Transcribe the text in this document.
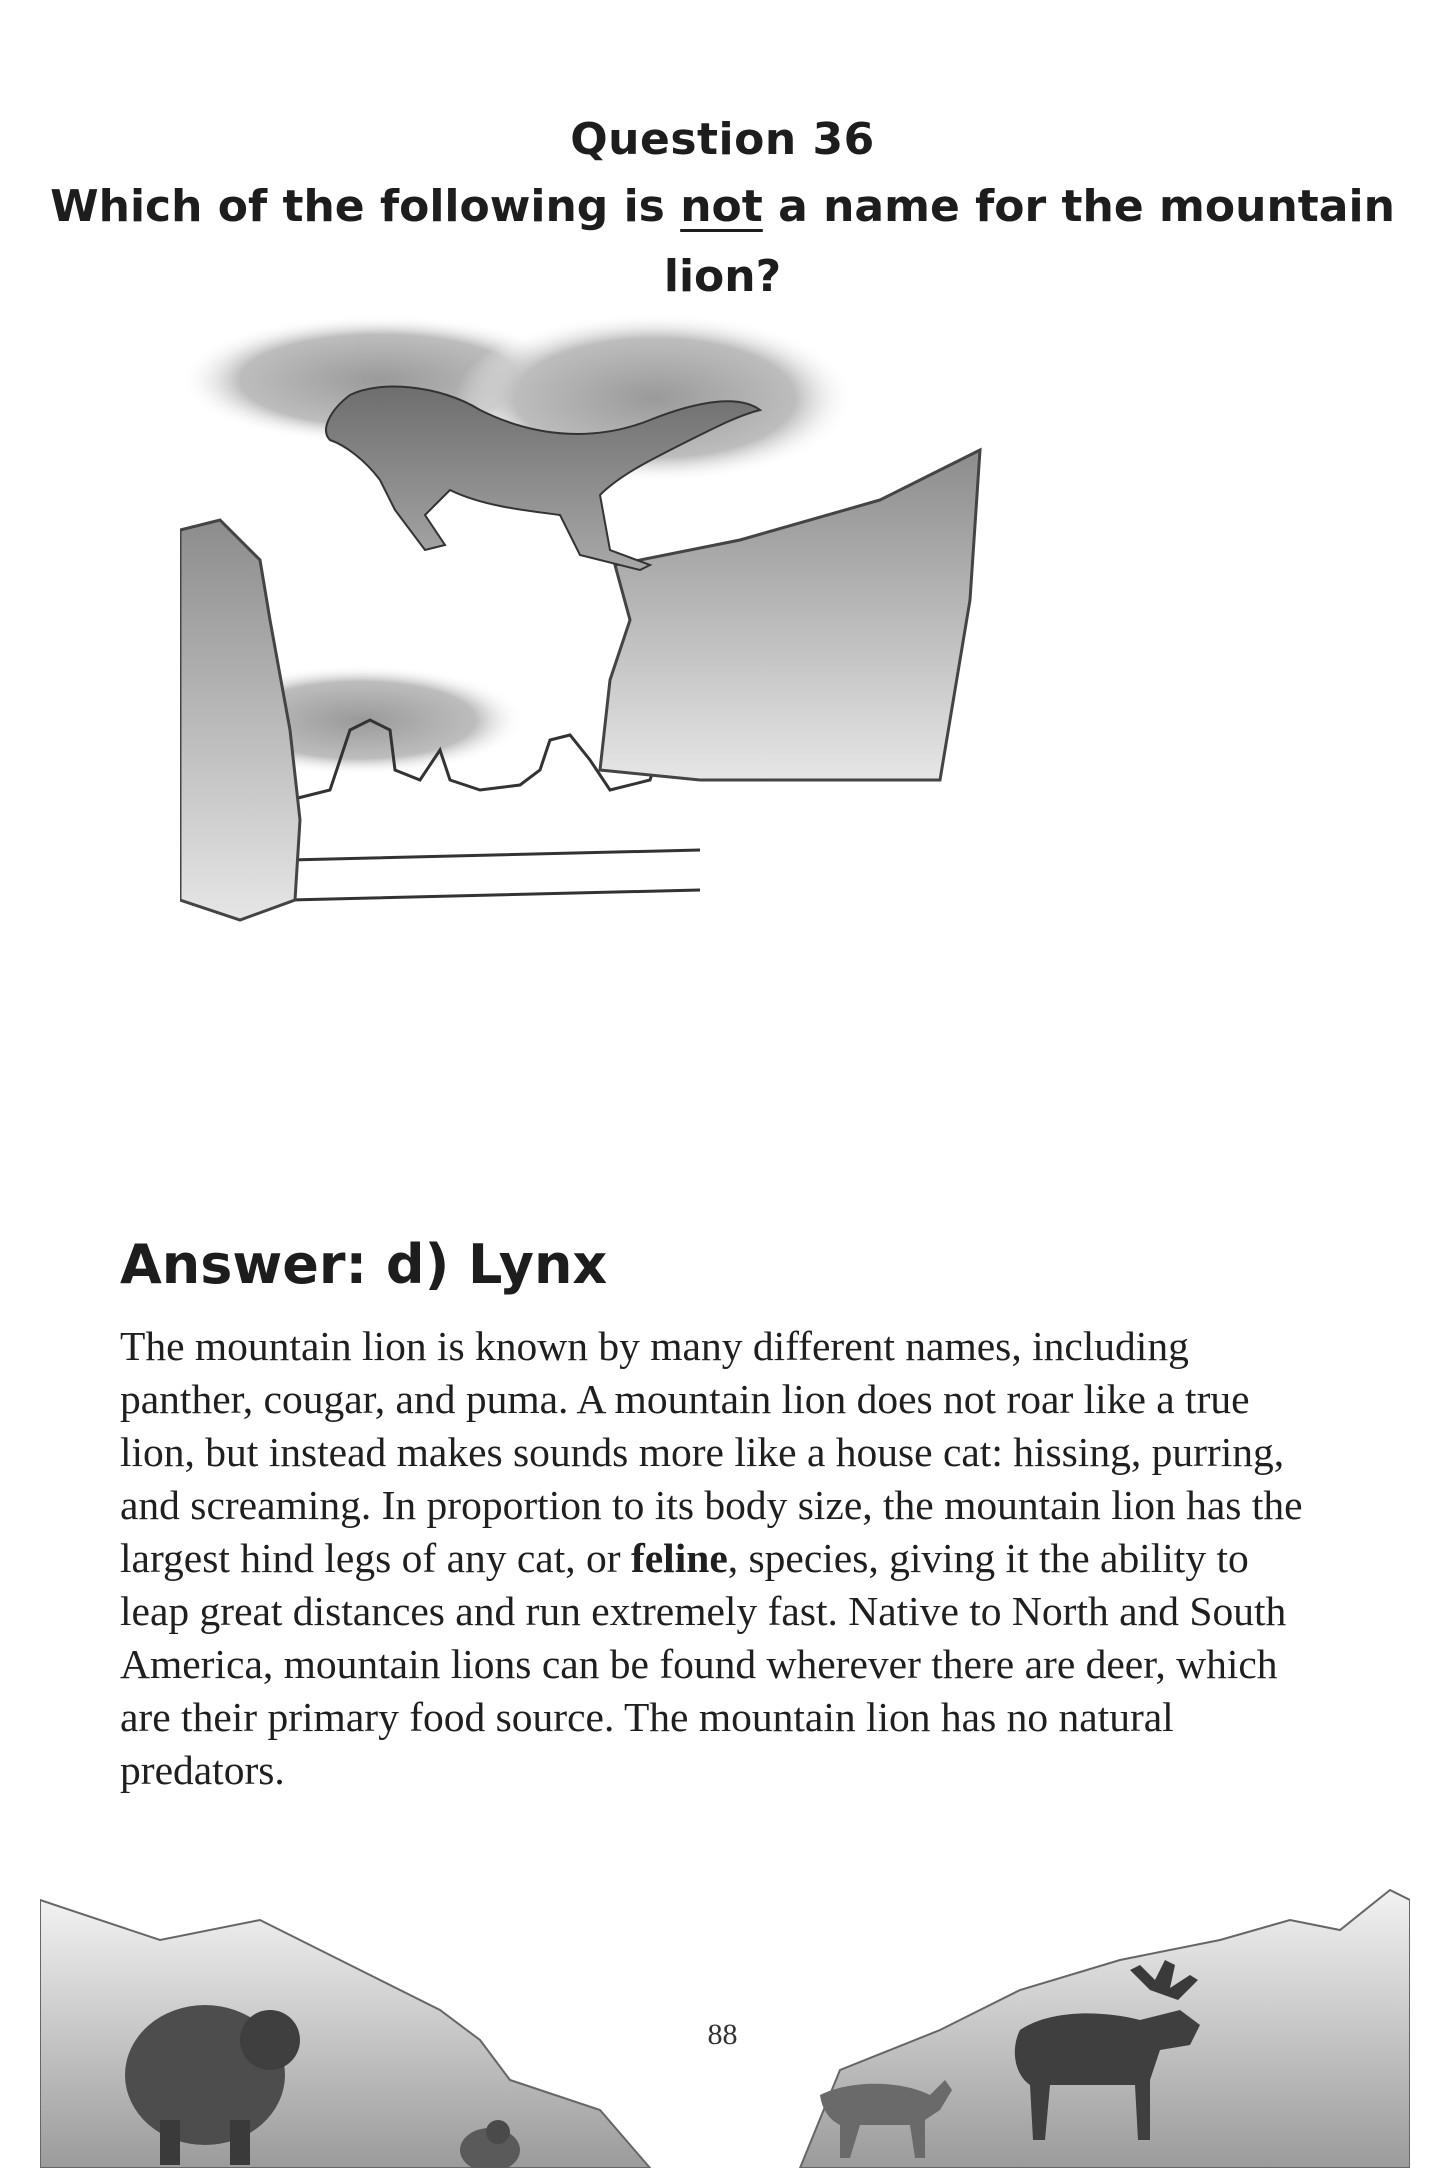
Question 36
Which of the following is not a name for the mountain lion?
Answer: d) Lynx

The mountain lion is known by many different names, including panther, cougar, and puma. A mountain lion does not roar like a true lion, but instead makes sounds more like a house cat: hissing, purring, and screaming. In proportion to its body size, the mountain lion has the largest hind legs of any cat, or feline, species, giving it the ability to leap great distances and run extremely fast. Native to North and South America, mountain lions can be found wherever there are deer, which are their primary food source. The mountain lion has no natural predators.

88
